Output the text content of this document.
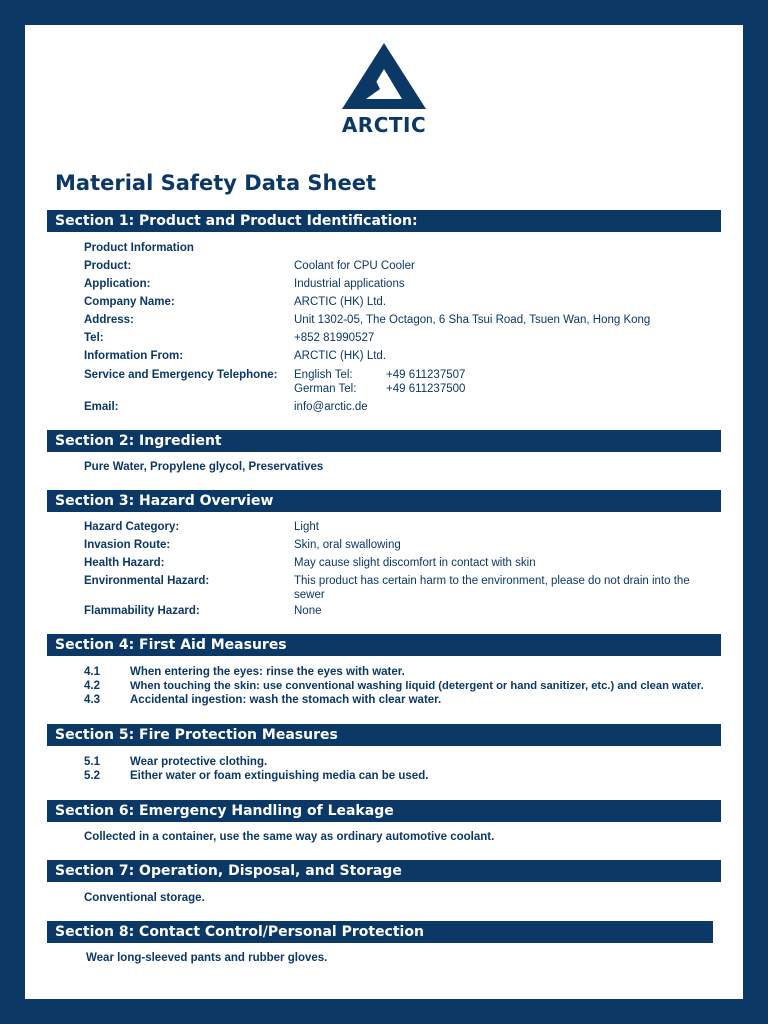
ARCTIC
Material Safety Data Sheet
Section 1: Product and Product Identification:
Product Information
Product:	Coolant for CPU Cooler
Application:	Industrial applications
Company Name:	ARCTIC (HK) Ltd.
Address:	Unit 1302-05, The Octagon, 6 Sha Tsui Road, Tsuen Wan, Hong Kong
Tel:	+852 81990527
Information From:	ARCTIC (HK) Ltd.
Service and Emergency Telephone: English Tel:	+49 611237507
German Tel:	+49 611237500
Email:	info@arctic.de
Section 2: Ingredient
Pure Water, Propylene glycol, Preservatives
Section 3: Hazard Overview
Hazard Category:	Light
Invasion Route:	Skin, oral swallowing
Health Hazard:	May cause slight discomfort in contact with skin
Environmental Hazard:	This product has certain harm to the environment, please do not drain into the sewer
Flammability Hazard:	None
Section 4: First Aid Measures
4.1	When entering the eyes: rinse the eyes with water.
4.2	When touching the skin: use conventional washing liquid (detergent or hand sanitizer, etc.) and clean water.
4.3	Accidental ingestion: wash the stomach with clear water.
Section 5: Fire Protection Measures
5.1	Wear protective clothing.
5.2	Either water or foam extinguishing media can be used.
Section 6: Emergency Handling of Leakage
Collected in a container, use the same way as ordinary automotive coolant.
Section 7: Operation, Disposal, and Storage
Conventional storage.
Section 8: Contact Control/Personal Protection
Wear long-sleeved pants and rubber gloves.
